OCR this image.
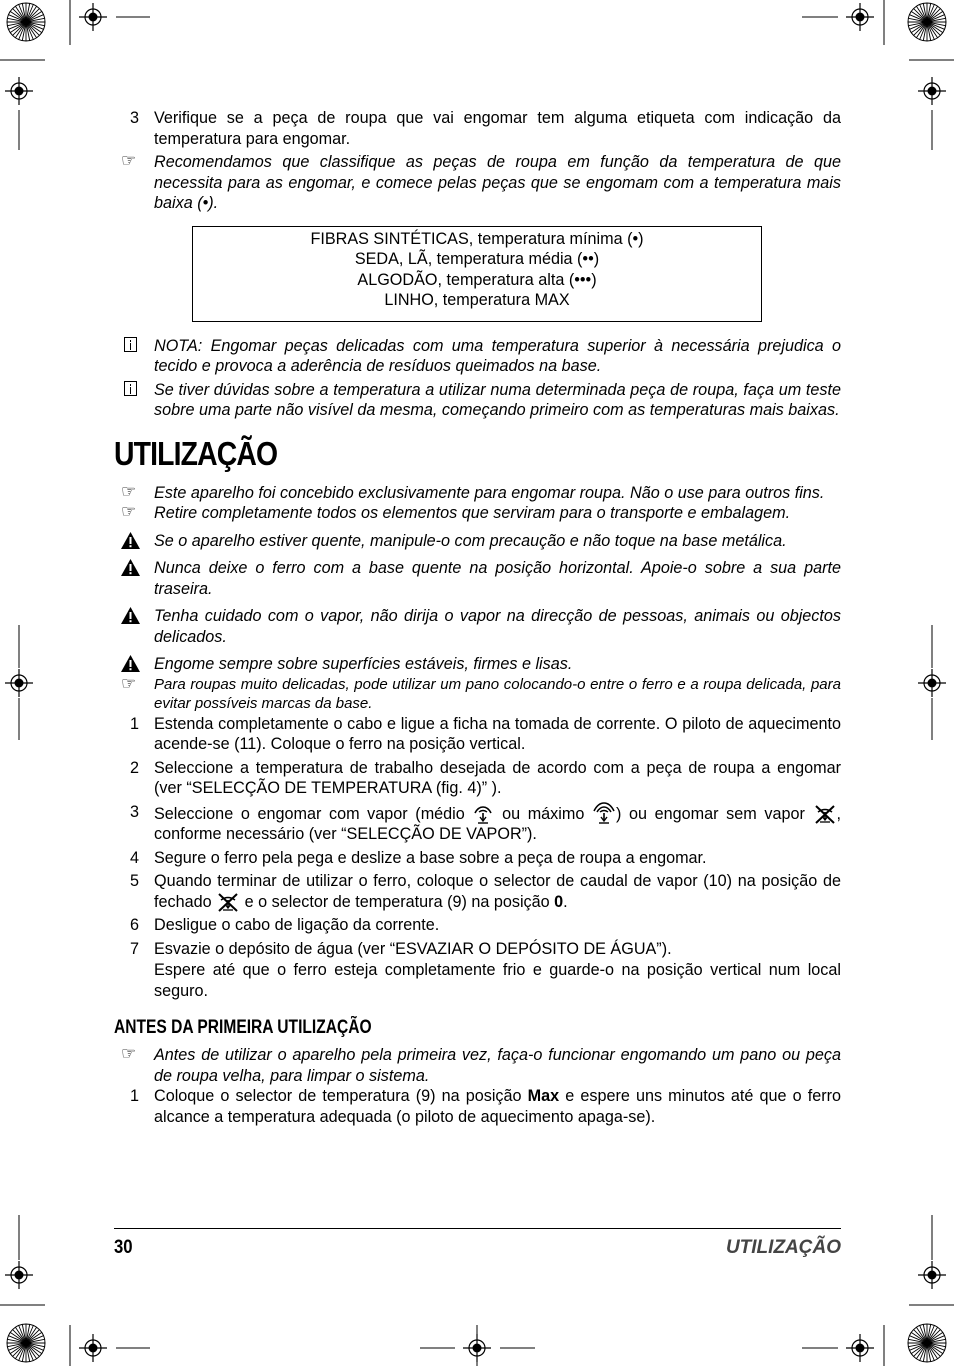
3 Verifique se a peça de roupa que vai engomar tem alguma etiqueta com indicação da temperatura para engomar.
☞ Recomendamos que classifique as peças de roupa em função da temperatura de que necessita para as engomar, e comece pelas peças que se engomam com a temperatura mais baixa (•).
FIBRAS SINTÉTICAS, temperatura mínima (•)
SEDA, LÃ, temperatura média (••)
ALGODÃO, temperatura alta (•••)
LINHO, temperatura MAX
NOTA: Engomar peças delicadas com uma temperatura superior à necessária prejudica o tecido e provoca a aderência de resíduos queimados na base.
Se tiver dúvidas sobre a temperatura a utilizar numa determinada peça de roupa, faça um teste sobre uma parte não visível da mesma, começando primeiro com as temperaturas mais baixas.
UTILIZAÇÃO
☞ Este aparelho foi concebido exclusivamente para engomar roupa. Não o use para outros fins.
☞ Retire completamente todos os elementos que serviram para o transporte e embalagem.
Se o aparelho estiver quente, manipule-o com precaução e não toque na base metálica.
Nunca deixe o ferro com a base quente na posição horizontal. Apoie-o sobre a sua parte traseira.
Tenha cuidado com o vapor, não dirija o vapor na direcção de pessoas, animais ou objectos delicados.
Engome sempre sobre superfícies estáveis, firmes e lisas.
☞ Para roupas muito delicadas, pode utilizar um pano colocando-o entre o ferro e a roupa delicada, para evitar possíveis marcas da base.
1 Estenda completamente o cabo e ligue a ficha na tomada de corrente. O piloto de aquecimento acende-se (11). Coloque o ferro na posição vertical.
2 Seleccione a temperatura de trabalho desejada de acordo com a peça de roupa a engomar (ver “SELECÇÃO DE TEMPERATURA (fig. 4)” ).
3 Seleccione o engomar com vapor (médio ou máximo ) ou engomar sem vapor , conforme necessário (ver “SELECÇÃO DE VAPOR”).
4 Segure o ferro pela pega e deslize a base sobre a peça de roupa a engomar.
5 Quando terminar de utilizar o ferro, coloque o selector de caudal de vapor (10) na posição de fechado e o selector de temperatura (9) na posição 0.
6 Desligue o cabo de ligação da corrente.
7 Esvazie o depósito de água (ver “ESVAZIAR O DEPÓSITO DE ÁGUA”).
Espere até que o ferro esteja completamente frio e guarde-o na posição vertical num local seguro.
ANTES DA PRIMEIRA UTILIZAÇÃO
☞ Antes de utilizar o aparelho pela primeira vez, faça-o funcionar engomando um pano ou peça de roupa velha, para limpar o sistema.
1 Coloque o selector de temperatura (9) na posição Max e espere uns minutos até que o ferro alcance a temperatura adequada (o piloto de aquecimento apaga-se).
30	UTILIZAÇÃO
